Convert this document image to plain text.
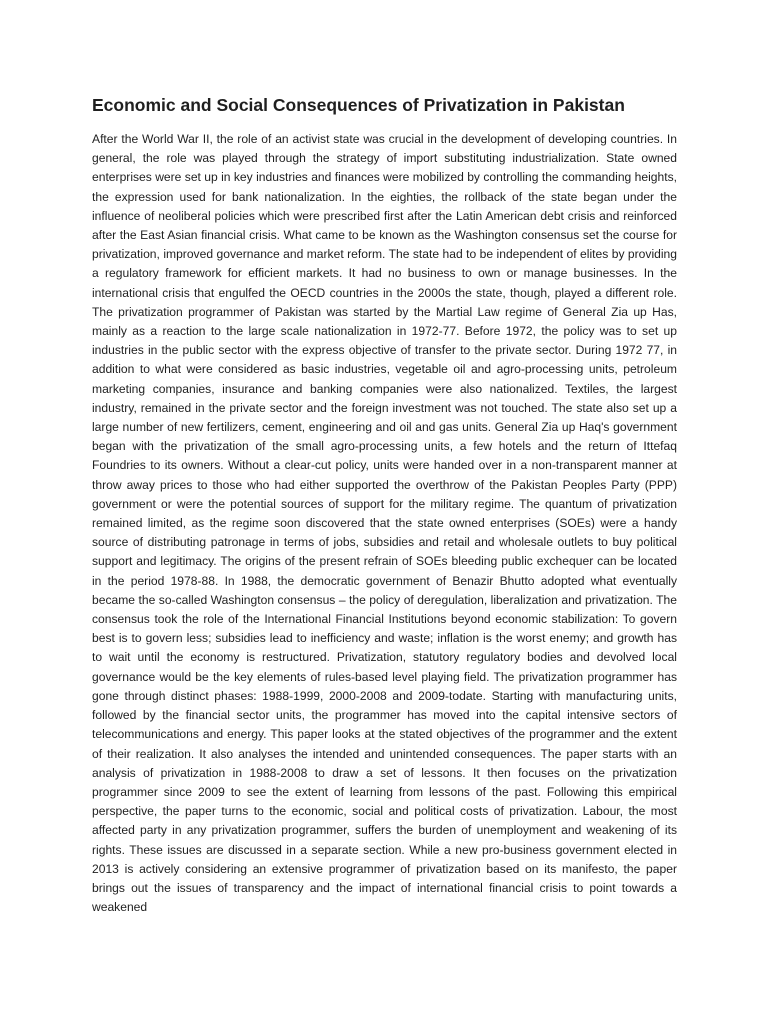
Economic and Social Consequences of Privatization in Pakistan

After the World War II, the role of an activist state was crucial in the development of developing countries. In general, the role was played through the strategy of import substituting industrialization. State owned enterprises were set up in key industries and finances were mobilized by controlling the commanding heights, the expression used for bank nationalization. In the eighties, the rollback of the state began under the influence of neoliberal policies which were prescribed first after the Latin American debt crisis and reinforced after the East Asian financial crisis. What came to be known as the Washington consensus set the course for privatization, improved governance and market reform. The state had to be independent of elites by providing a regulatory framework for efficient markets. It had no business to own or manage businesses. In the international crisis that engulfed the OECD countries in the 2000s the state, though, played a different role. The privatization programmer of Pakistan was started by the Martial Law regime of General Zia up Has, mainly as a reaction to the large scale nationalization in 1972-77. Before 1972, the policy was to set up industries in the public sector with the express objective of transfer to the private sector. During 1972 77, in addition to what were considered as basic industries, vegetable oil and agro-processing units, petroleum marketing companies, insurance and banking companies were also nationalized. Textiles, the largest industry, remained in the private sector and the foreign investment was not touched. The state also set up a large number of new fertilizers, cement, engineering and oil and gas units. General Zia up Haq's government began with the privatization of the small agro-processing units, a few hotels and the return of Ittefaq Foundries to its owners. Without a clear-cut policy, units were handed over in a non-transparent manner at throw away prices to those who had either supported the overthrow of the Pakistan Peoples Party (PPP) government or were the potential sources of support for the military regime. The quantum of privatization remained limited, as the regime soon discovered that the state owned enterprises (SOEs) were a handy source of distributing patronage in terms of jobs, subsidies and retail and wholesale outlets to buy political support and legitimacy. The origins of the present refrain of SOEs bleeding public exchequer can be located in the period 1978-88. In 1988, the democratic government of Benazir Bhutto adopted what eventually became the so-called Washington consensus – the policy of deregulation, liberalization and privatization. The consensus took the role of the International Financial Institutions beyond economic stabilization: To govern best is to govern less; subsidies lead to inefficiency and waste; inflation is the worst enemy; and growth has to wait until the economy is restructured. Privatization, statutory regulatory bodies and devolved local governance would be the key elements of rules-based level playing field. The privatization programmer has gone through distinct phases: 1988-1999, 2000-2008 and 2009-todate. Starting with manufacturing units, followed by the financial sector units, the programmer has moved into the capital intensive sectors of telecommunications and energy. This paper looks at the stated objectives of the programmer and the extent of their realization. It also analyses the intended and unintended consequences. The paper starts with an analysis of privatization in 1988-2008 to draw a set of lessons. It then focuses on the privatization programmer since 2009 to see the extent of learning from lessons of the past. Following this empirical perspective, the paper turns to the economic, social and political costs of privatization. Labour, the most affected party in any privatization programmer, suffers the burden of unemployment and weakening of its rights. These issues are discussed in a separate section. While a new pro-business government elected in 2013 is actively considering an extensive programmer of privatization based on its manifesto, the paper brings out the issues of transparency and the impact of international financial crisis to point towards a weakened
